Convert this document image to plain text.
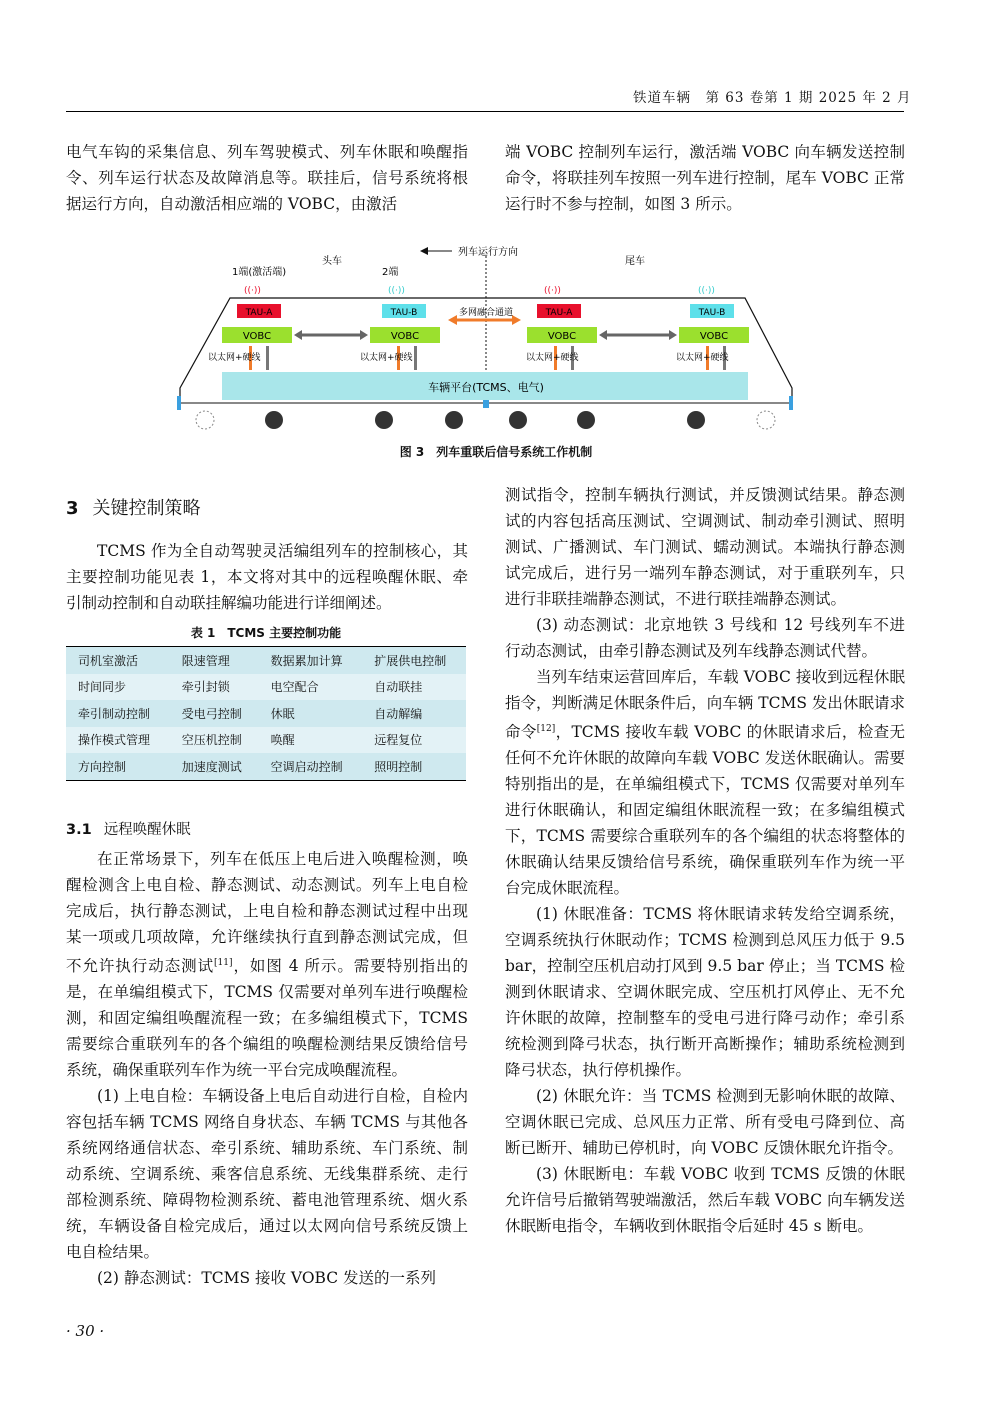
铁道车辆　第 63 卷第 1 期 2025 年 2 月

电气车钩的采集信息、列车驾驶模式、列车休眠和唤醒指令、列车运行状态及故障消息等。联挂后，信号系统将根据运行方向，自动激活相应端的 VOBC，由激活

端 VOBC 控制列车运行，激活端 VOBC 向车辆发送控制命令，将联挂列车按照一列车进行控制，尾车 VOBC 正常运行时不参与控制，如图 3 所示。

1端(激活端)
头车
2端
尾车
列车运行方向
((·))	((·))	((·))	((·))
TAU-A	TAU-B	TAU-A	TAU-B
VOBC	VOBC	VOBC	VOBC
多网融合通道
以太网+硬线	以太网+硬线	以太网+硬线	以太网+硬线
车辆平台(TCMS、电气)
图 3　列车重联后信号系统工作机制
3 关键控制策略

TCMS 作为全自动驾驶灵活编组列车的控制核心，其主要控制功能见表 1，本文将对其中的远程唤醒休眠、牵引制动控制和自动联挂解编功能进行详细阐述。

表 1　TCMS 主要控制功能
司机室激活	限速管理	数据累加计算	扩展供电控制
时间同步	牵引封锁	电空配合	自动联挂
牵引制动控制	受电弓控制	休眠	自动解编
操作模式管理	空压机控制	唤醒	远程复位
方向控制	加速度测试	空调启动控制	照明控制
3.1 远程唤醒休眠

在正常场景下，列车在低压上电后进入唤醒检测，唤醒检测含上电自检、静态测试、动态测试。列车上电自检完成后，执行静态测试，上电自检和静态测试过程中出现某一项或几项故障，允许继续执行直到静态测试完成，但不允许执行动态测试[11]，如图 4 所示。需要特别指出的是，在单编组模式下，TCMS 仅需要对单列车进行唤醒检测，和固定编组唤醒流程一致；在多编组模式下，TCMS 需要综合重联列车的各个编组的唤醒检测结果反馈给信号系统，确保重联列车作为统一平台完成唤醒流程。

(1) 上电自检：车辆设备上电后自动进行自检，自检内容包括车辆 TCMS 网络自身状态、车辆 TCMS 与其他各系统网络通信状态、牵引系统、辅助系统、车门系统、制动系统、空调系统、乘客信息系统、无线集群系统、走行部检测系统、障碍物检测系统、蓄电池管理系统、烟火系统，车辆设备自检完成后，通过以太网向信号系统反馈上电自检结果。

(2) 静态测试：TCMS 接收 VOBC 发送的一系列

测试指令，控制车辆执行测试，并反馈测试结果。静态测试的内容包括高压测试、空调测试、制动牵引测试、照明测试、广播测试、车门测试、蠕动测试。本端执行静态测试完成后，进行另一端列车静态测试，对于重联列车，只进行非联挂端静态测试，不进行联挂端静态测试。

(3) 动态测试：北京地铁 3 号线和 12 号线列车不进行动态测试，由牵引静态测试及列车线静态测试代替。

当列车结束运营回库后，车载 VOBC 接收到远程休眠指令，判断满足休眠条件后，向车辆 TCMS 发出休眠请求命令[12]，TCMS 接收车载 VOBC 的休眠请求后，检查无任何不允许休眠的故障向车载 VOBC 发送休眠确认。需要特别指出的是，在单编组模式下，TCMS 仅需要对单列车进行休眠确认，和固定编组休眠流程一致；在多编组模式下，TCMS 需要综合重联列车的各个编组的状态将整体的休眠确认结果反馈给信号系统，确保重联列车作为统一平台完成休眠流程。

(1) 休眠准备：TCMS 将休眠请求转发给空调系统，空调系统执行休眠动作；TCMS 检测到总风压力低于 9.5 bar，控制空压机启动打风到 9.5 bar 停止；当 TCMS 检测到休眠请求、空调休眠完成、空压机打风停止、无不允许休眠的故障，控制整车的受电弓进行降弓动作；牵引系统检测到降弓状态，执行断开高断操作；辅助系统检测到降弓状态，执行停机操作。

(2) 休眠允许：当 TCMS 检测到无影响休眠的故障、空调休眠已完成、总风压力正常、所有受电弓降到位、高断已断开、辅助已停机时，向 VOBC 反馈休眠允许指令。

(3) 休眠断电：车载 VOBC 收到 TCMS 反馈的休眠允许信号后撤销驾驶端激活，然后车载 VOBC 向车辆发送休眠断电指令，车辆收到休眠指令后延时 45 s 断电。

· 30 ·
